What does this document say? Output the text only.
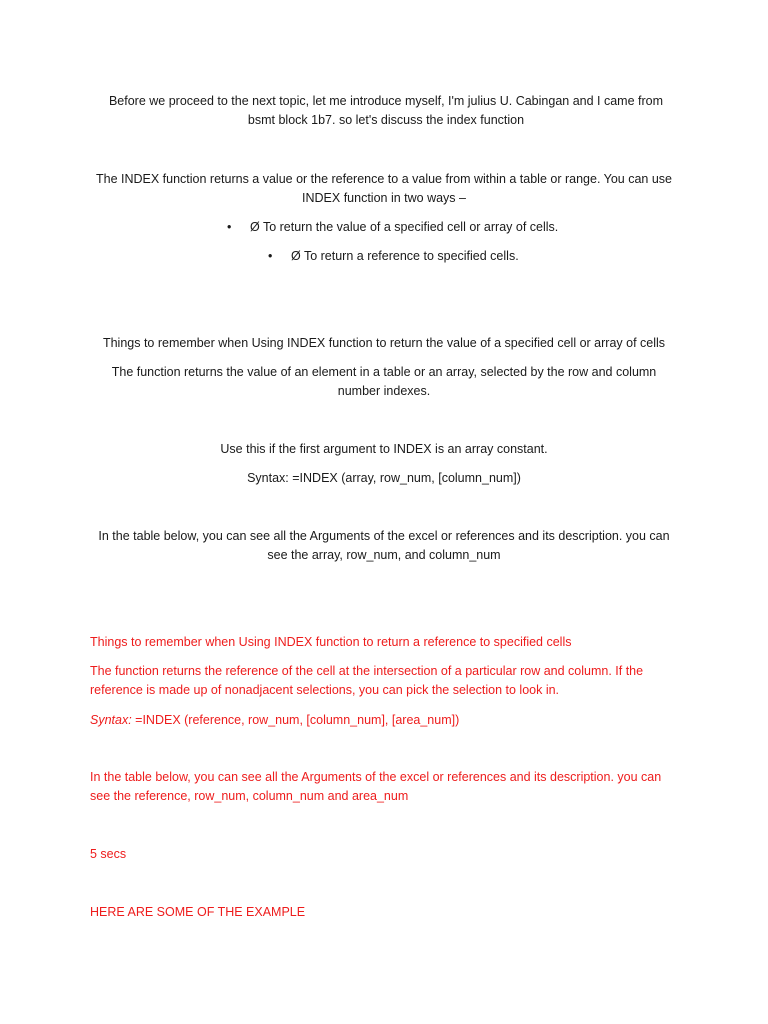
Before we proceed to the next topic, let me introduce myself, I'm julius U. Cabingan and I came from bsmt block 1b7. so let's discuss the index function

The INDEX function returns a value or the reference to a value from within a table or range. You can use INDEX function in two ways –

• Ø To return the value of a specified cell or array of cells.
• Ø To return a reference to specified cells.

Things to remember when Using INDEX function to return the value of a specified cell or array of cells

The function returns the value of an element in a table or an array, selected by the row and column number indexes.

Use this if the first argument to INDEX is an array constant.

Syntax: =INDEX (array, row_num, [column_num])

In the table below, you can see all the Arguments of the excel or references and its description. you can see the array, row_num, and column_num

Things to remember when Using INDEX function to return a reference to specified cells

The function returns the reference of the cell at the intersection of a particular row and column. If the reference is made up of nonadjacent selections, you can pick the selection to look in.

Syntax: =INDEX (reference, row_num, [column_num], [area_num])

In the table below, you can see all the Arguments of the excel or references and its description. you can see the reference, row_num, column_num and area_num

5 secs

HERE ARE SOME OF THE EXAMPLE
